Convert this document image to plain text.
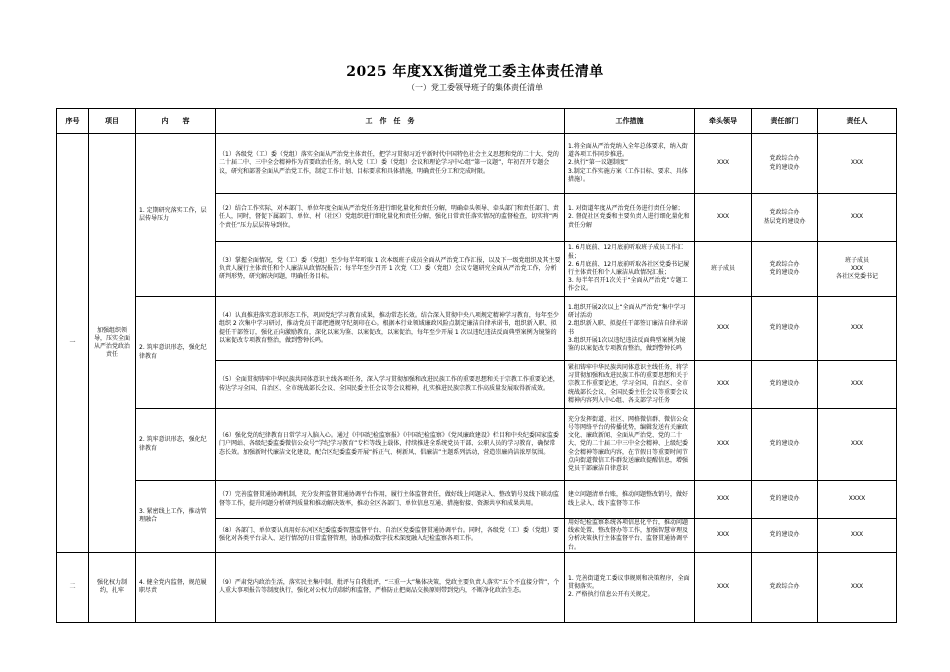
2025 年度XX街道党工委主体责任清单
（一）党工委领导班子的集体责任清单
序号	项目	内　　容	工　作　任　务	工作措施	牵头领导	责任部门	责任人
一	加强组织领导，压实全面从严治党政治责任	1. 定期研究落实工作，层层传导压力	（1）各级党（工）委（党组）落实全面从严治党主体责任，把学习贯彻习近平新时代中国特色社会主义思想和党的二十大、党的二十届二中、三中全会精神作为首要政治任务，纳入党（工）委（党组）会议和理论学习中心组“第一议题”，年初召开专题会议，研究和部署全面从严治党工作，制定工作计划、目标要求和具体措施，明确责任分工和完成时限。	1.将全面从严治党纳入全年总体要求，纳入街道各项工作同步推进。
2.执行“第一议题制度”
3.制定工作实施方案（工作目标、要求、具体措施）。	XXX	党政综合办
党的建设办	XXX
			（2）结合工作实际，对本部门、单位年度全面从严治党任务进行细化量化和责任分解，明确牵头领导、牵头部门和责任部门、责任人，同时，督促下属部门、单位、村（社区）党组织进行细化量化和责任分解，强化日常责任落实情况的监督检查，切实将“两个责任”压力层层传导到位。	1. 对街道年度从严治党任务进行责任分解；
2. 督促社区党委和主要负责人进行细化量化和责任分解	XXX	党政综合办
基层党的建设办	XXX
			（3）掌握全面情况，党（工）委（党组）至少每半年听取 1 次本级班子成员全面从严治党工作汇报，以及下一级党组织及其主要负责人履行主体责任和个人廉洁从政情况报告；每半年至少召开 1 次党（工）委（党组）会议专题研究全面从严治党工作，分析研判形势，研究解决问题，明确任务目标。	1. 6月底前、12月底前听取班子成员工作汇报；
2. 6月底前、12月底前听取各社区党委书记履行主体责任和个人廉洁从政情况汇报；
3. 每半年召开1次关于“全面从严治党”专题工作会议。	班子成员	党政综合办
党的建设办	班子成员
XXX
各社区党委书记
		2. 筑牢意识形态，强化纪律教育	（4）认真推进落实意识形态工作，巩固党纪学习教育成果，推动常态长效。结合深入贯彻中央八项规定精神学习教育，每年至少组织 2 次集中学习研讨，推动党员干部把遵规守纪刻印在心。根据本行业领域廉政风险点制定廉洁自律承诺书，组织新入职、拟提任干部签订，强化正向激励教育，深化以案为鉴、以案促改，以案促治，每年至少开展 1 次以违纪违法反面典型案例为镜鉴的以案促改专项教育整治，做到警钟长鸣。	1.组织开展2次以上“全面从严治党”集中学习研讨活动
2.组织新入职、拟提任干部签订廉洁自律承诺书
3.组织开展1次以违纪违法反面典型案例为镜鉴的以案促改专项教育整治，做到警钟长鸣	XXX	党的建设办	XXX
			（5）全面贯彻铸牢中华民族共同体意识主线各项任务，深入学习贯彻加强和改进民族工作的重要思想和关于宗教工作重要论述，传达学习全国、自治区、全市统战部长会议、全国民委主任会议等会议精神，扎实推进民族宗教工作高质量发展取得新成效。	紧扣铸牢中华民族共同体意识主线任务，将学习贯彻加强和改进民族工作的重要思想和关于宗教工作重要论述，学习全国、自治区、全市统战部长会议、全国民委主任会议等重要会议精神内容列入中心组、各支部学习任务	XXX	党的建设办	XXX
		2. 筑牢意识形态，强化纪律教育	（6）强化党的纪律教育日常学习入脑入心。通过《中国纪检监察报》《中国纪检监察》《党风廉政建设》栏目和中央纪委国家监委门户网站、各级纪委监委微信公众号“学纪学习教育”专栏等线上载体，持续推进全系统党员干部、公职人员的学习教育，确保常态长效。加强新时代廉洁文化建设，配合区纪委监委开展“拆正气、树新风、倡廉洁”主题系列活动，营造崇廉尚洁浓厚氛围。	充分发挥街道、社区、网格微信群、微信公众号等网络平台的传播优势，编辑发送有关廉政文化、廉政新闻、全面从严治党、党的二十大、党的二十届二中三中全会精神、上级纪委全会精神等廉政内容，在节假日等重要时间节点向街道微信工作群发送廉政提醒信息，增强党员干部廉洁自律意识	XXX	党的建设办	XXX
		3. 紧密线上工作，推动管理融合	（7）完善监督贯通协调机制，充分发挥监督贯通协调平台作用，履行主体监督责任，做好线上问题录入、整改销号及线下联动监督等工作，提升问题分析研判质量和推动解决效率，推动全区各部门、单位信息互通、措施衔接、资源共享和成果共用。	建立问题清单台账，推动问题整改销号，做好线上录入、线下监督等工作	XXX	党的建设办	XXXX
			（8）各部门、单位要认真用好东河区纪委监委智慧监督平台、自治区党委监督贯通协调平台。同时，各级党（工）委（党组）要强化对各类平台录入、运行情况的日常监督管理，协助推动数字技术深度融入纪检监察各项工作。	用好纪检监察系统各项信息化平台，推动问题线索处置、整改督办等工作，加强智慧审理及分析决策执行主体监督平台、监督贯通协调平台。	XXX	党的建设办	XXX
二	强化权力制约，扎牢	4. 健全党内监督，规范履职尽责	（9）严肃党内政治生活，落实民主集中制、批评与自我批评，“三重一大”集体决策，党政主要负责人落实“五个不直接分管”，个人重大事项报告等制度执行，强化对公权力的制约和监督，严格防止把商品交换原则带到党内，不断净化政治生态。	1. 完善街道党工委议事规则和决策程序，全面贯彻落实。
2. 严格执行信息公开有关规定。	XXX	党政综合办	XXX
